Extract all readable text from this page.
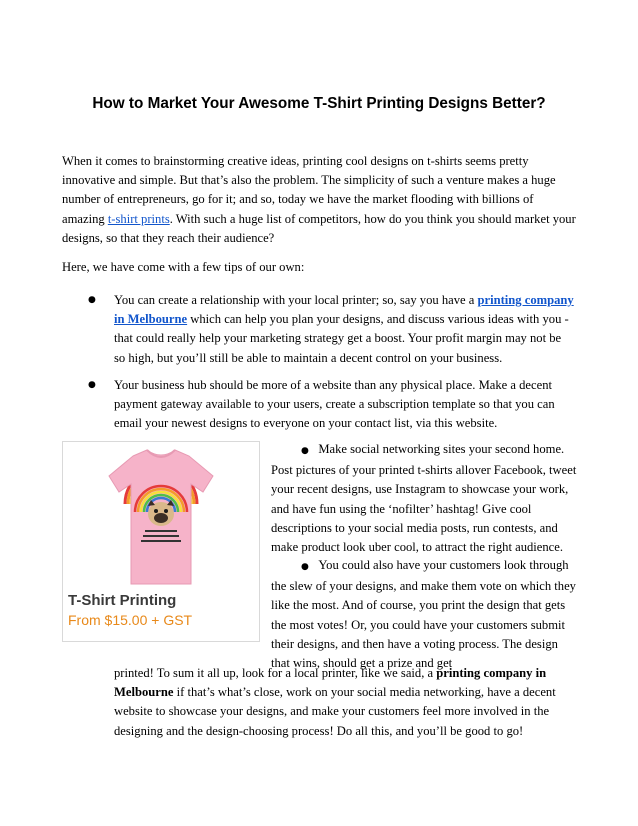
How to Market Your Awesome T-Shirt Printing Designs Better?
When it comes to brainstorming creative ideas, printing cool designs on t-shirts seems pretty innovative and simple. But that’s also the problem. The simplicity of such a venture makes a huge number of entrepreneurs, go for it; and so, today we have the market flooding with billions of amazing t-shirt prints. With such a huge list of competitors, how do you think you should market your designs, so that they reach their audience?
Here, we have come with a few tips of our own:
● You can create a relationship with your local printer; so, say you have a printing company in Melbourne which can help you plan your designs, and discuss various ideas with you - that could really help your marketing strategy get a boost. Your profit margin may not be so high, but you’ll still be able to maintain a decent control on your business.
● Your business hub should be more of a website than any physical place. Make a decent payment gateway available to your users, create a subscription template so that you can email your newest designs to everyone on your contact list, via this website.
T-Shirt Printing
From $15.00 + GST
● Make social networking sites your second home. Post pictures of your printed t-shirts allover Facebook, tweet your recent designs, use Instagram to showcase your work, and have fun using the ‘nofilter’ hashtag! Give cool descriptions to your social media posts, run contests, and make product look uber cool, to attract the right audience.
● You could also have your customers look through the slew of your designs, and make them vote on which they like the most. And of course, you print the design that gets the most votes! Or, you could have your customers submit their designs, and then have a voting process. The design that wins, should get a prize and get
printed! To sum it all up, look for a local printer, like we said, a printing company in Melbourne if that’s what’s close, work on your social media networking, have a decent website to showcase your designs, and make your customers feel more involved in the designing and the design-choosing process! Do all this, and you’ll be good to go!
